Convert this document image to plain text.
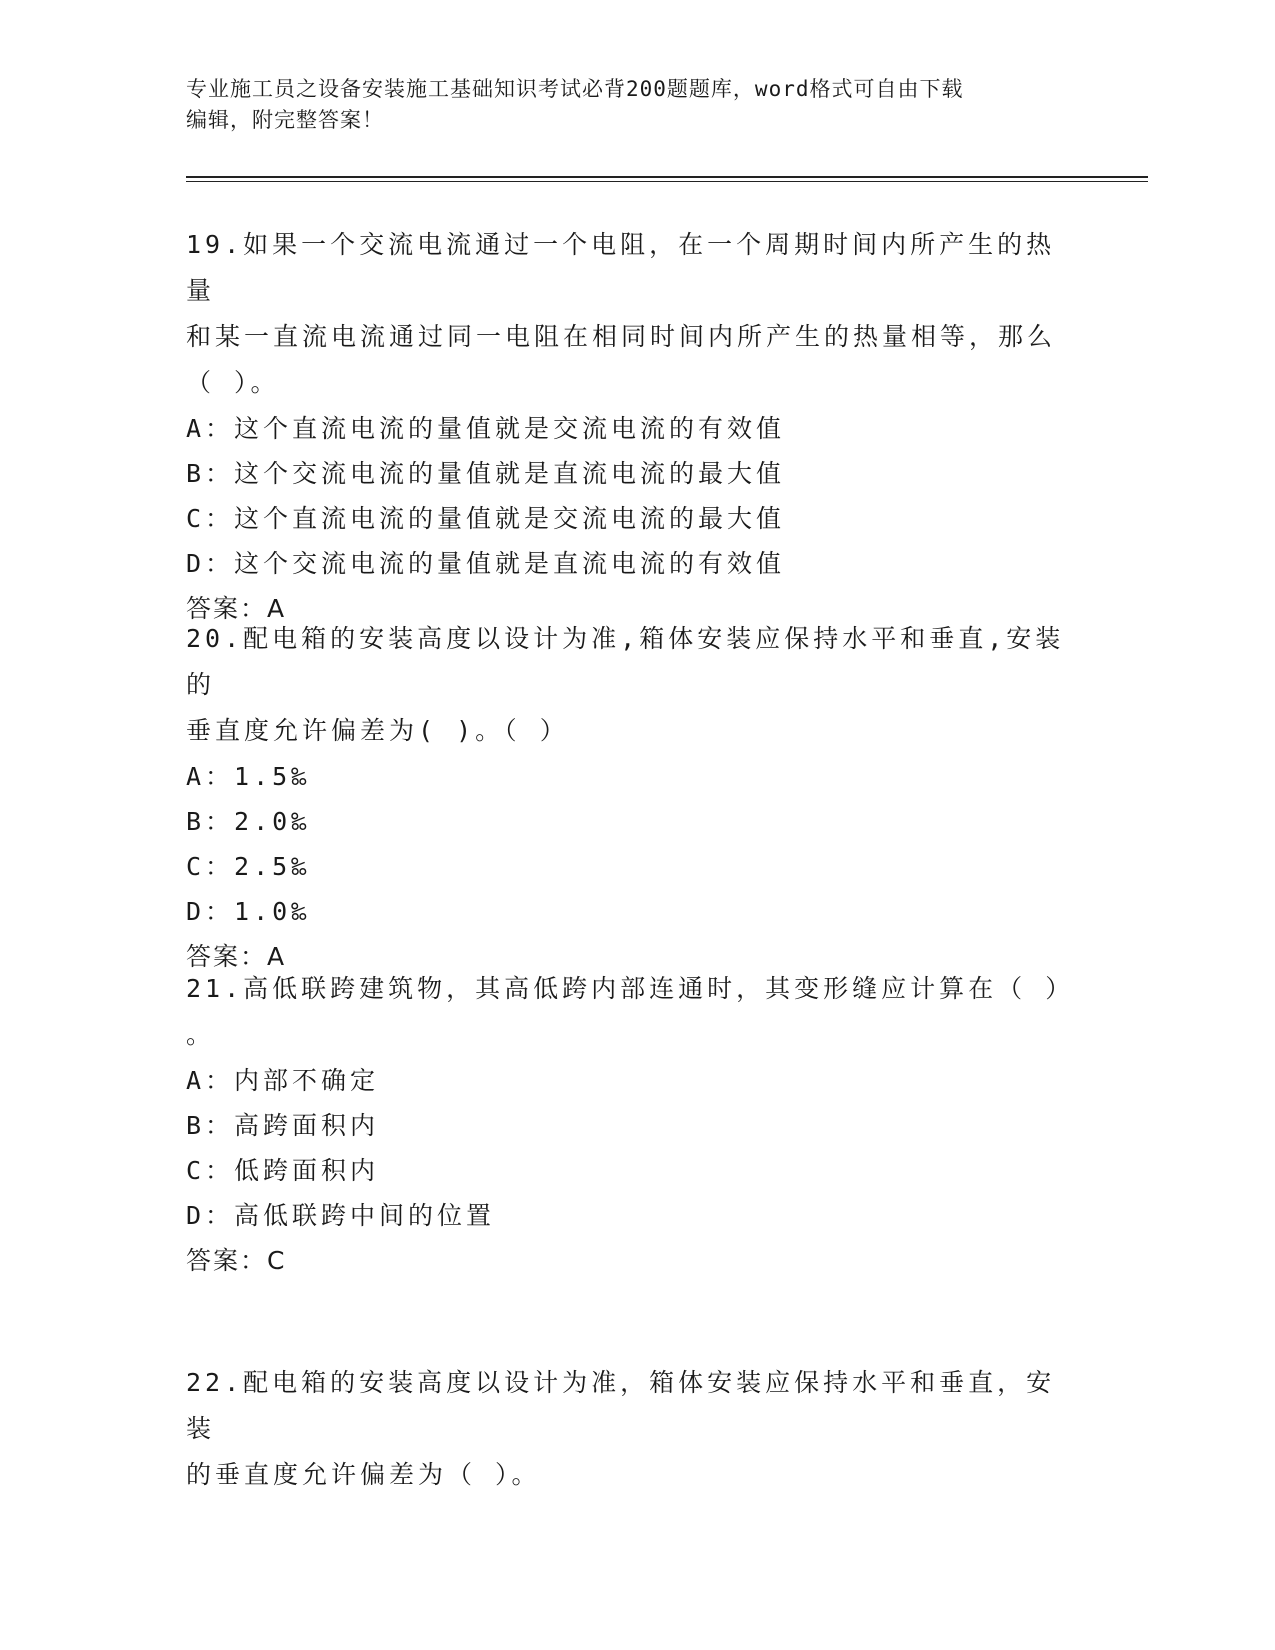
专业施工员之设备安装施工基础知识考试必背200题题库，word格式可自由下载
编辑，附完整答案！
19.如果一个交流电流通过一个电阻，在一个周期时间内所产生的热量
和某一直流电流通过同一电阻在相同时间内所产生的热量相等，那么
（ ）。
A：这个直流电流的量值就是交流电流的有效值
B：这个交流电流的量值就是直流电流的最大值
C：这个直流电流的量值就是交流电流的最大值
D：这个交流电流的量值就是直流电流的有效值
答案：A
20.配电箱的安装高度以设计为准,箱体安装应保持水平和垂直,安装的
垂直度允许偏差为( )。（ ）
A：1.5‰
B：2.0‰
C：2.5‰
D：1.0‰
答案：A
21.高低联跨建筑物，其高低跨内部连通时，其变形缝应计算在（ ）
。
A：内部不确定
B：高跨面积内
C：低跨面积内
D：高低联跨中间的位置
答案：C
22.配电箱的安装高度以设计为准，箱体安装应保持水平和垂直，安装
的垂直度允许偏差为（ ）。
